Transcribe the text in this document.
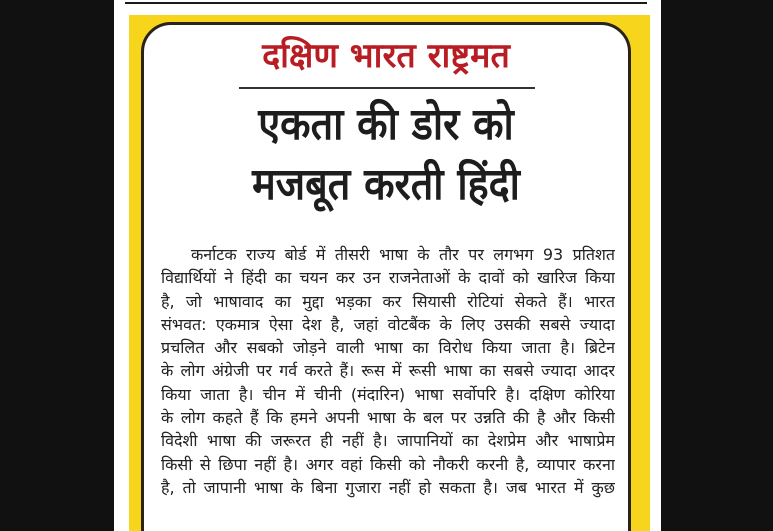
दक्षिण भारत राष्ट्रमत
एकता की डोर को
मजबूत करती हिंदी
कर्नाटक राज्य बोर्ड में तीसरी भाषा के तौर पर लगभग 93 प्रतिशत
विद्यार्थियों ने हिंदी का चयन कर उन राजनेताओं के दावों को खारिज किया
है, जो भाषावाद का मुद्दा भड़का कर सियासी रोटियां सेकते हैं। भारत
संभवत: एकमात्र ऐसा देश है, जहां वोटबैंक के लिए उसकी सबसे ज्यादा
प्रचलित और सबको जोड़ने वाली भाषा का विरोध किया जाता है। ब्रिटेन
के लोग अंग्रेजी पर गर्व करते हैं। रूस में रूसी भाषा का सबसे ज्यादा आदर
किया जाता है। चीन में चीनी (मंदारिन) भाषा सर्वोपरि है। दक्षिण कोरिया
के लोग कहते हैं कि हमने अपनी भाषा के बल पर उन्नति की है और किसी
विदेशी भाषा की जरूरत ही नहीं है। जापानियों का देशप्रेम और भाषाप्रेम
किसी से छिपा नहीं है। अगर वहां किसी को नौकरी करनी है, व्यापार करना
है, तो जापानी भाषा के बिना गुजारा नहीं हो सकता है। जब भारत में कुछ
